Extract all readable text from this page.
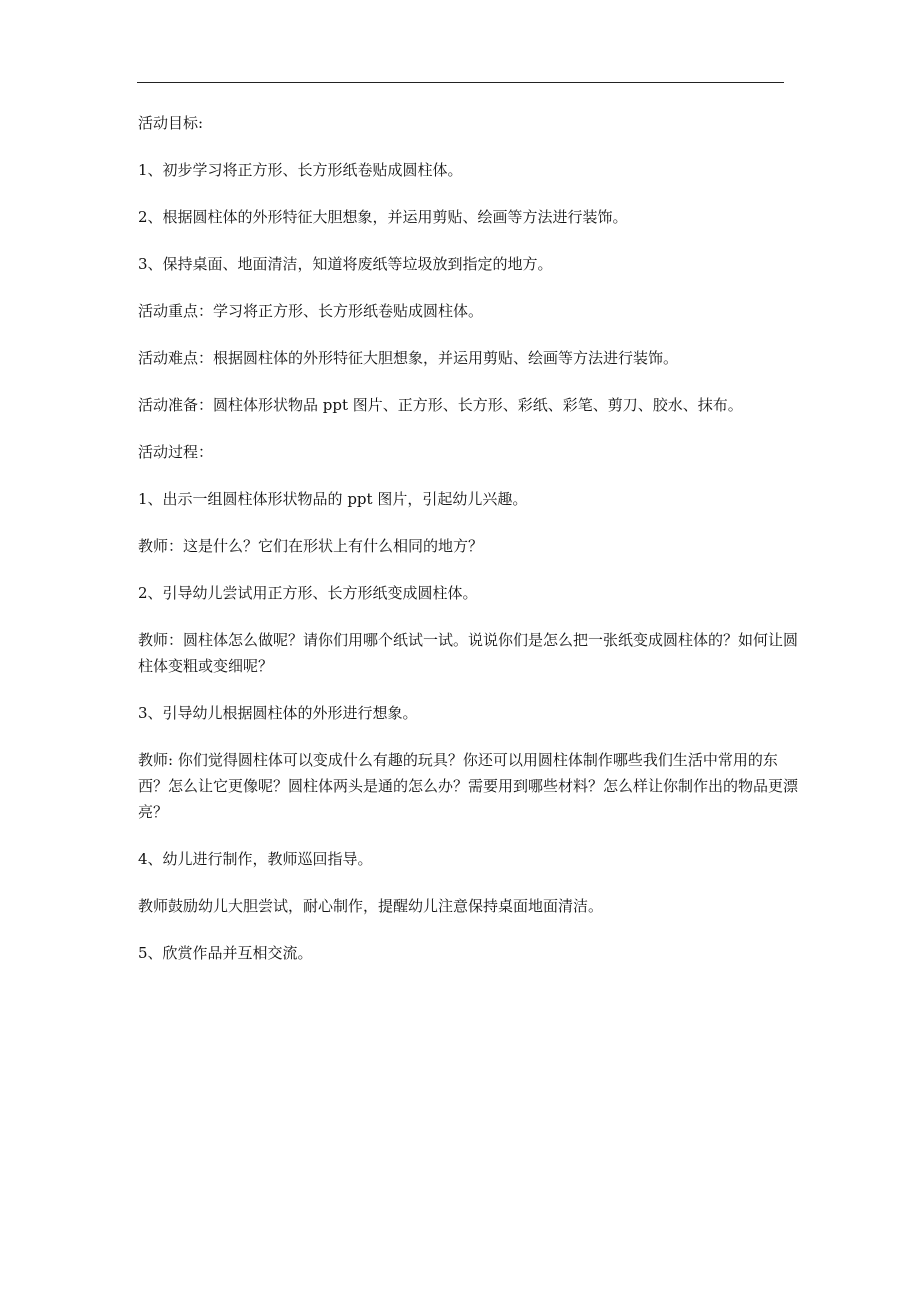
活动目标:

1、初步学习将正方形、长方形纸卷贴成圆柱体。

2、根据圆柱体的外形特征大胆想象，并运用剪贴、绘画等方法进行装饰。

3、保持桌面、地面清洁，知道将废纸等垃圾放到指定的地方。

活动重点：学习将正方形、长方形纸卷贴成圆柱体。

活动难点：根据圆柱体的外形特征大胆想象，并运用剪贴、绘画等方法进行装饰。

活动准备：圆柱体形状物品 ppt 图片、正方形、长方形、彩纸、彩笔、剪刀、胶水、抹布。

活动过程：

1、出示一组圆柱体形状物品的 ppt 图片，引起幼儿兴趣。

教师：这是什么？它们在形状上有什么相同的地方？

2、引导幼儿尝试用正方形、长方形纸变成圆柱体。

教师：圆柱体怎么做呢？请你们用哪个纸试一试。说说你们是怎么把一张纸变成圆柱体的？如何让圆柱体变粗或变细呢？

3、引导幼儿根据圆柱体的外形进行想象。

教师: 你们觉得圆柱体可以变成什么有趣的玩具？你还可以用圆柱体制作哪些我们生活中常用的东西？怎么让它更像呢？圆柱体两头是通的怎么办？需要用到哪些材料？怎么样让你制作出的物品更漂亮？

4、幼儿进行制作，教师巡回指导。

教师鼓励幼儿大胆尝试，耐心制作，提醒幼儿注意保持桌面地面清洁。

5、欣赏作品并互相交流。
